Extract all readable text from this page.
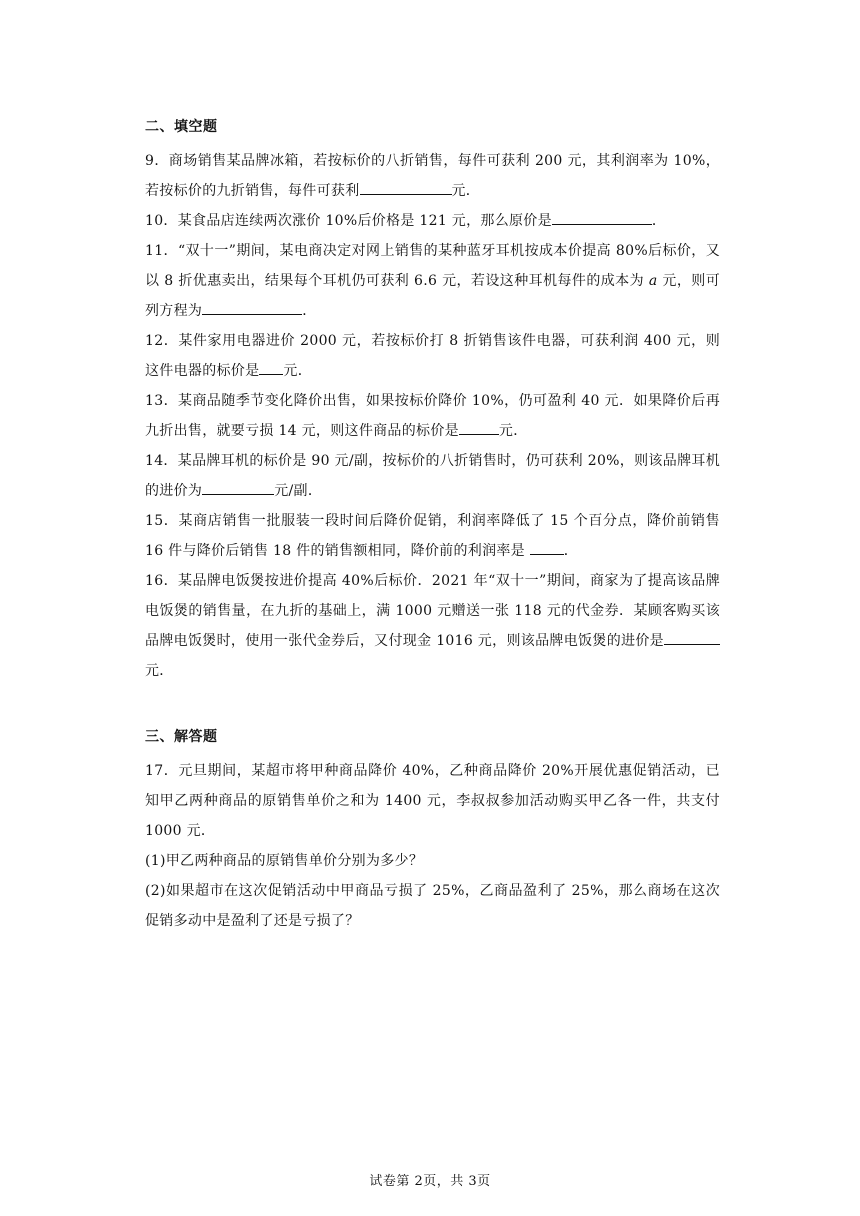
二、填空题

9．商场销售某品牌冰箱，若按标价的八折销售，每件可获利 200 元，其利润率为 10%，若按标价的九折销售，每件可获利	元．

10．某食品店连续两次涨价 10%后价格是 121 元，那么原价是	．

11．“双十一”期间，某电商决定对网上销售的某种蓝牙耳机按成本价提高 80%后标价，又以 8 折优惠卖出，结果每个耳机仍可获利 6.6 元，若设这种耳机每件的成本为 a 元，则可列方程为	．

12．某件家用电器进价 2000 元，若按标价打 8 折销售该件电器，可获利润 400 元，则这件电器的标价是 元．

13．某商品随季节变化降价出售，如果按标价降价 10%，仍可盈利 40 元．如果降价后再九折出售，就要亏损 14 元，则这件商品的标价是	元．

14．某品牌耳机的标价是 90 元/副，按标价的八折销售时，仍可获利 20%，则该品牌耳机的进价为	元/副．

15．某商店销售一批服装一段时间后降价促销，利润率降低了 15 个百分点，降价前销售 16 件与降价后销售 18 件的销售额相同，降价前的利润率是 ．

16．某品牌电饭煲按进价提高 40%后标价．2021 年“双十一”期间，商家为了提高该品牌电饭煲的销售量，在九折的基础上，满 1000 元赠送一张 118 元的代金券．某顾客购买该品牌电饭煲时，使用一张代金券后，又付现金 1016 元，则该品牌电饭煲的进价是元．

三、解答题

17．元旦期间，某超市将甲种商品降价 40%，乙种商品降价 20%开展优惠促销活动，已知甲乙两种商品的原销售单价之和为 1400 元，李叔叔参加活动购买甲乙各一件，共支付 1000 元．

(1)甲乙两种商品的原销售单价分别为多少？

(2)如果超市在这次促销活动中甲商品亏损了 25%，乙商品盈利了 25%，那么商场在这次促销多动中是盈利了还是亏损了？

试卷第 2页，共 3页
